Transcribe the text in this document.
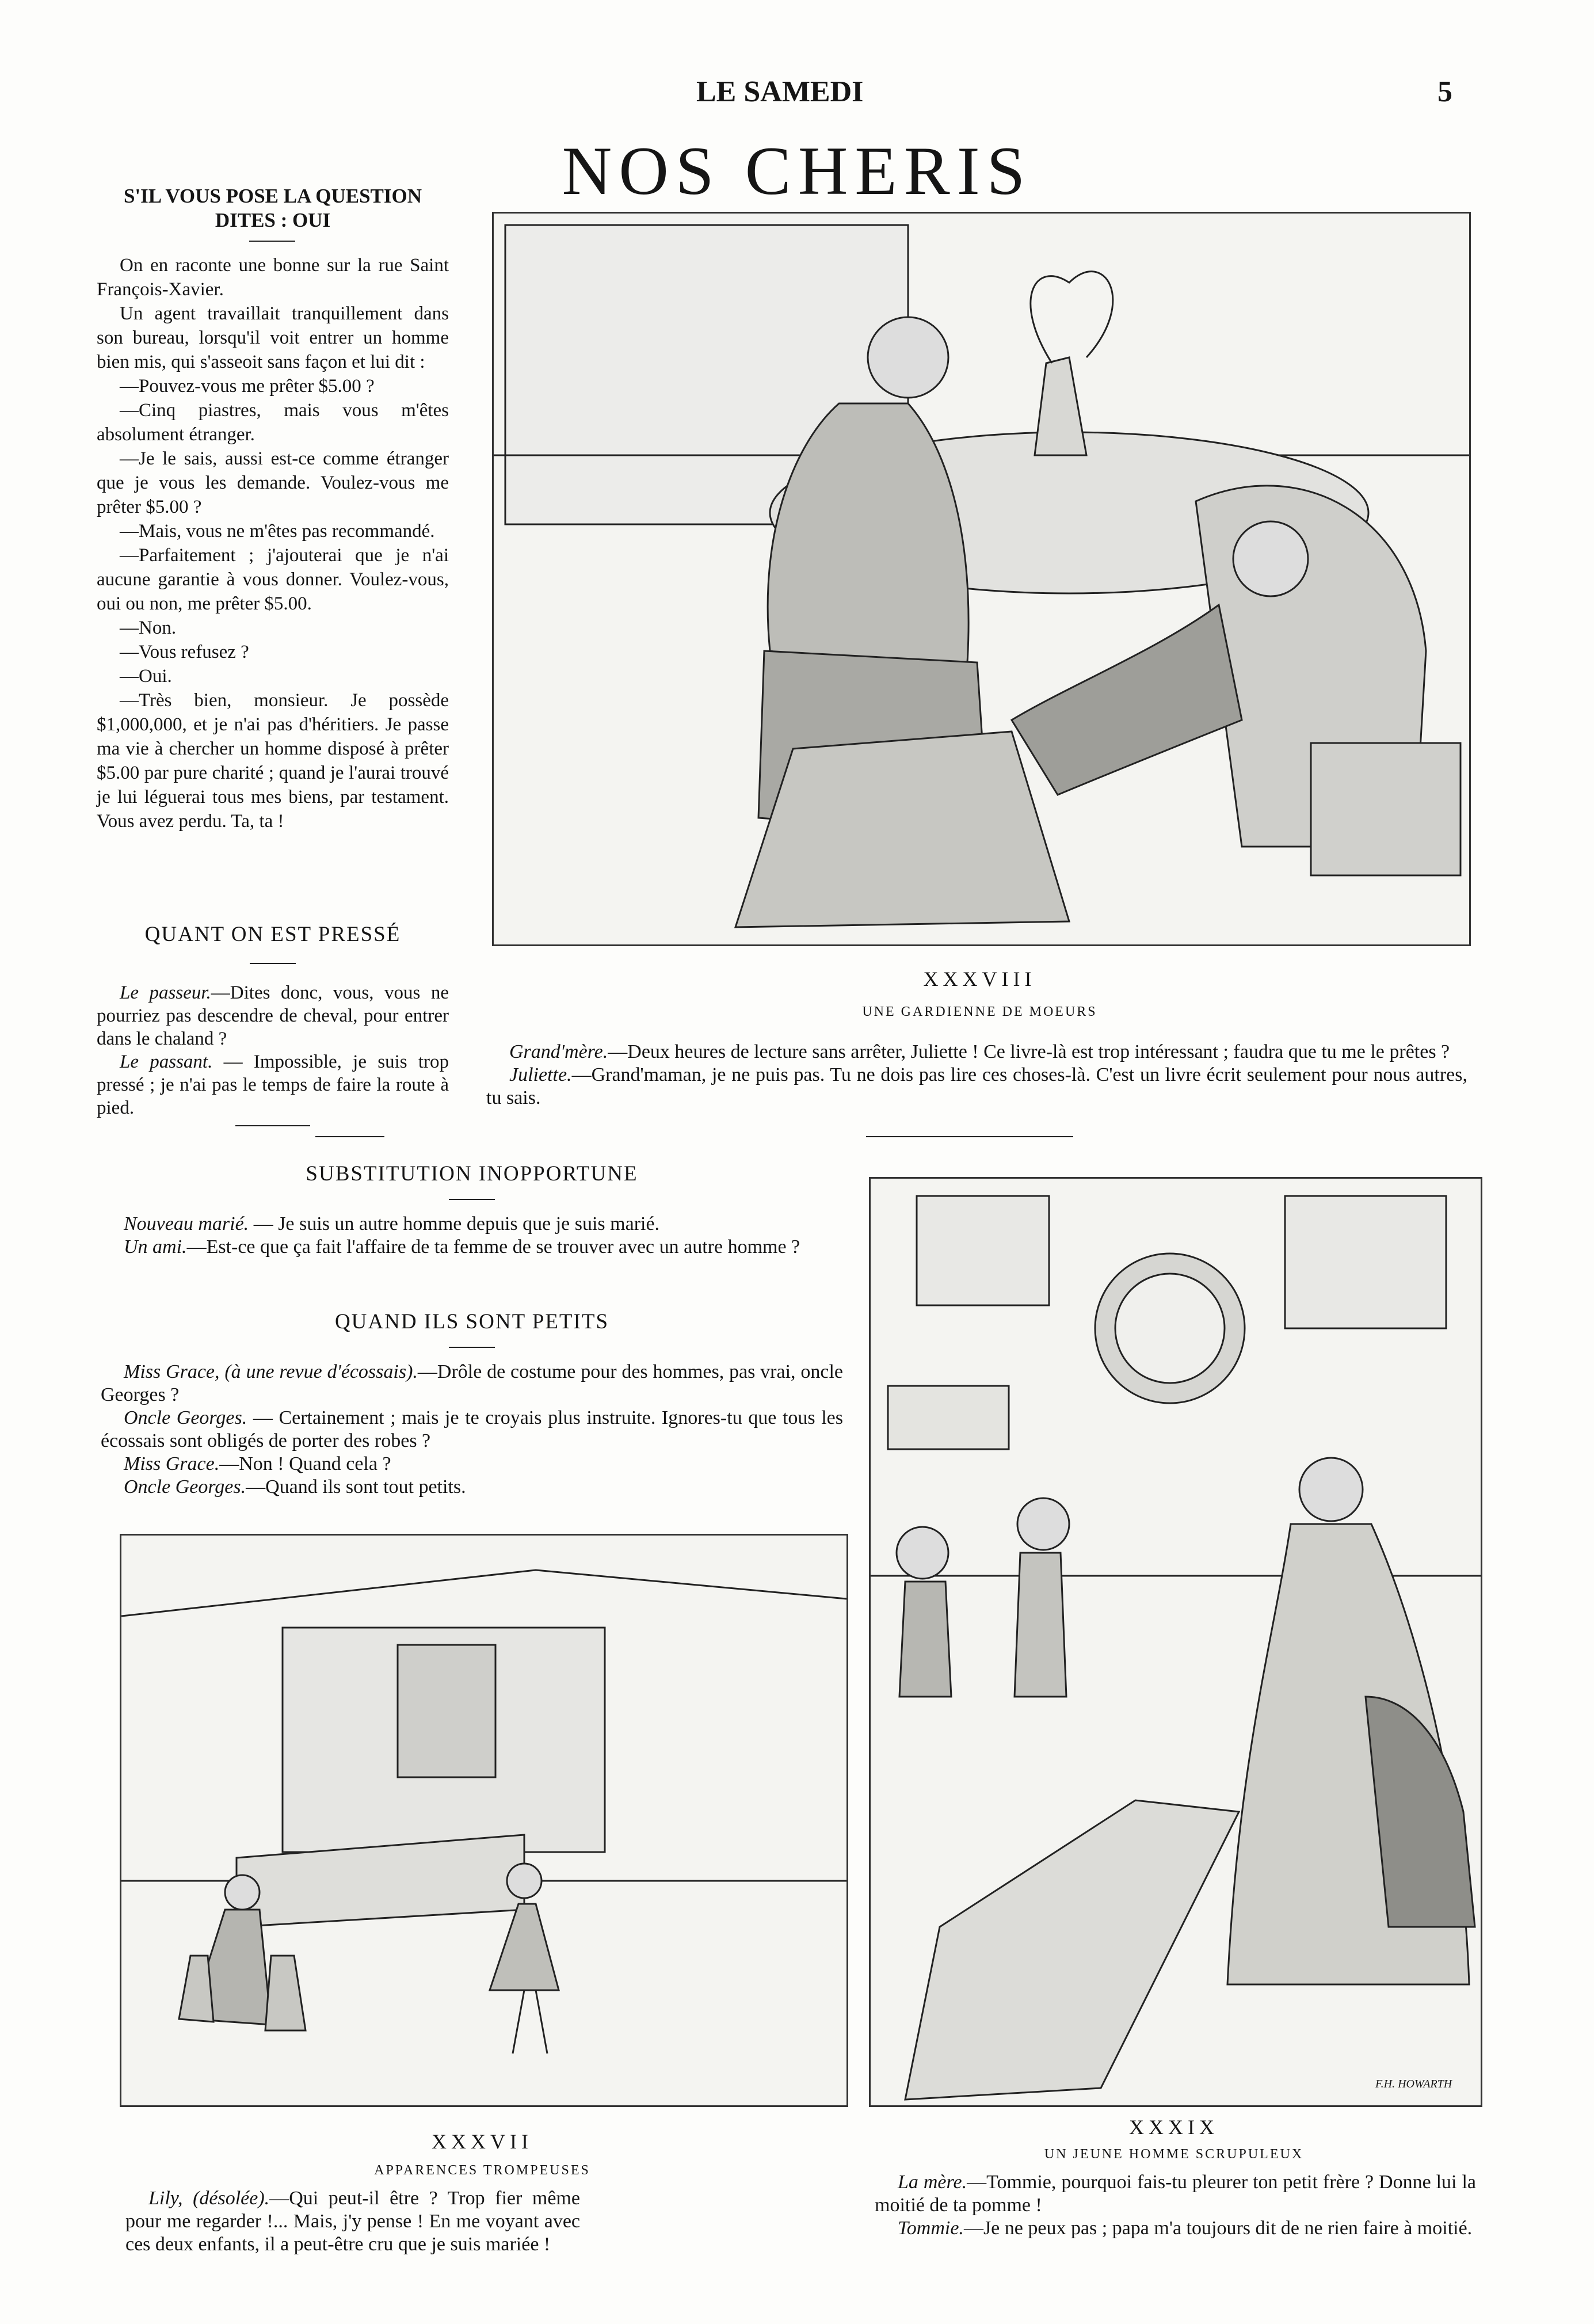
LE SAMEDI	5
NOS CHERIS

S'IL VOUS POSE LA QUESTION

DITES : OUI

On en raconte une bonne sur la rue Saint François-Xavier.

Un agent travaillait tranquillement dans son bureau, lorsqu'il voit entrer un homme bien mis, qui s'asseoit sans façon et lui dit :

—Pouvez-vous me prêter $5.00 ?

—Cinq piastres, mais vous m'êtes absolument étranger.

—Je le sais, aussi est-ce comme étranger que je vous les demande. Voulez-vous me prêter $5.00 ?

—Mais, vous ne m'êtes pas recommandé.

—Parfaitement ; j'ajouterai que je n'ai aucune garantie à vous donner. Voulez-vous, oui ou non, me prêter $5.00.

—Non.

—Vous refusez ?

—Oui.

—Très bien, monsieur. Je possède $1,000,000, et je n'ai pas d'héritiers. Je passe ma vie à chercher un homme disposé à prêter $5.00 par pure charité ; quand je l'aurai trouvé je lui léguerai tous mes biens, par testament. Vous avez perdu. Ta, ta !

QUANT ON EST PRESSÉ

Le passeur.—Dites donc, vous, vous ne pourriez pas descendre de cheval, pour entrer dans le chaland ?

Le passant. — Impossible, je suis trop pressé ; je n'ai pas le temps de faire la route à pied.

XXXVIII
UNE GARDIENNE DE MOEURS

Grand'mère.—Deux heures de lecture sans arrêter, Juliette ! Ce livre-là est trop intéressant ; faudra que tu me le prêtes ?

Juliette.—Grand'maman, je ne puis pas. Tu ne dois pas lire ces choses-là. C'est un livre écrit seulement pour nous autres, tu sais.

SUBSTITUTION INOPPORTUNE

Nouveau marié. — Je suis un autre homme depuis que je suis marié.

Un ami.—Est-ce que ça fait l'affaire de ta femme de se trouver avec un autre homme ?

QUAND ILS SONT PETITS

Miss Grace, (à une revue d'écossais).—Drôle de costume pour des hommes, pas vrai, oncle Georges ?

Oncle Georges. — Certainement ; mais je te croyais plus instruite. Ignores-tu que tous les écossais sont obligés de porter des robes ?

Miss Grace.—Non ! Quand cela ?

Oncle Georges.—Quand ils sont tout petits.

XXXVII
APPARENCES TROMPEUSES

Lily, (désolée).—Qui peut-il être ? Trop fier même pour me regarder !... Mais, j'y pense ! En me voyant avec ces deux enfants, il a peut-être cru que je suis mariée !

F.H. HOWARTH
XXXIX
UN JEUNE HOMME SCRUPULEUX

La mère.—Tommie, pourquoi fais-tu pleurer ton petit frère ? Donne lui la moitié de ta pomme !

Tommie.—Je ne peux pas ; papa m'a toujours dit de ne rien faire à moitié.
